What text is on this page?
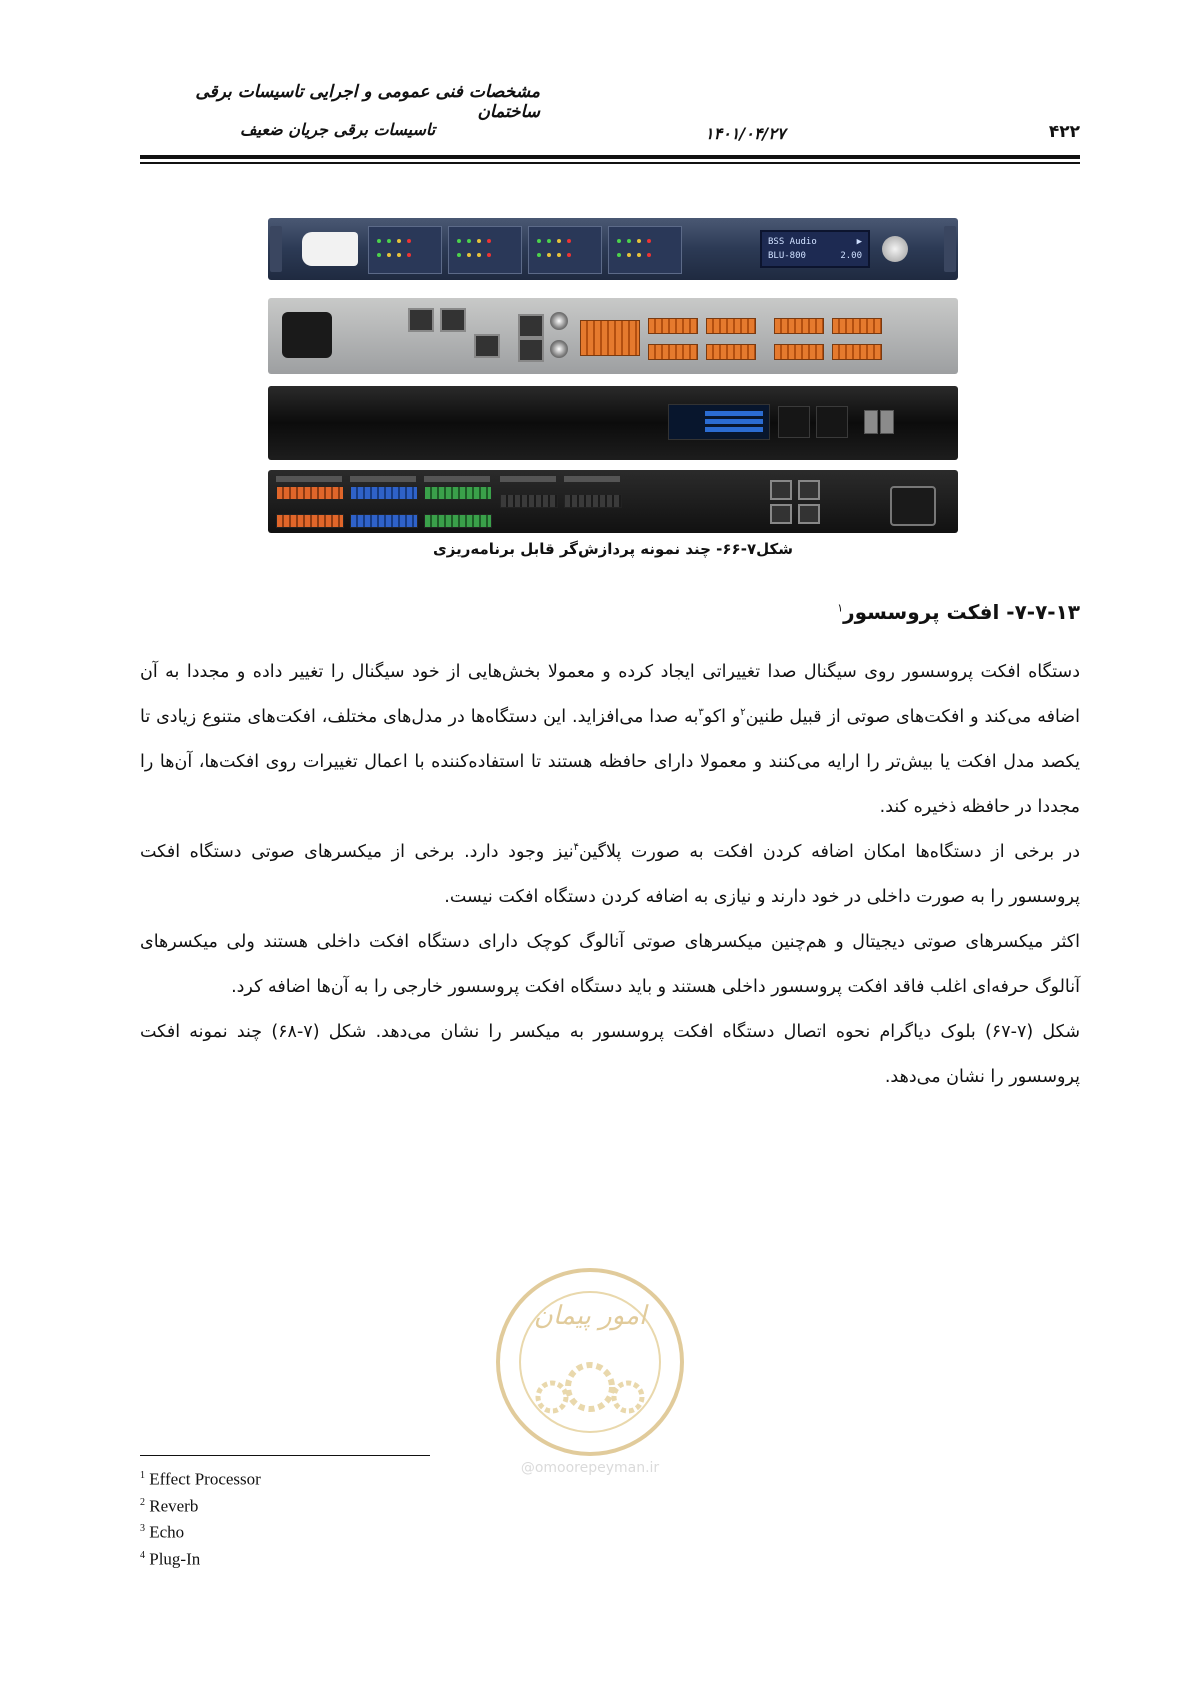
مشخصات فنی عمومی و اجرایی تاسیسات برقی ساختمان
۴۲۲
۱۴۰۱/۰۴/۲۷
تاسیسات برقی جریان ضعیف
BSS Audio	▶
BLU-800	2.00
شکل۷-۶۶- چند نمونه پردازش‌گر قابل برنامه‌ریزی
۷-۷-۱۳- افکت پروسسور$^۱$

دستگاه افکت پروسسور روی سیگنال صدا تغییراتی ایجاد کرده و معمولا بخش‌هایی از خود سیگنال را تغییر داده و مجددا به آن اضافه می‌کند و افکت‌های صوتی از قبیل طنین$^۲$و اکو$^۳$به صدا می‌افزاید. این دستگاه‌ها در مدل‌های مختلف، افکت‌های متنوع زیادی تا یکصد مدل افکت یا بیش‌تر را ارایه می‌کنند و معمولا دارای حافظه هستند تا استفاده‌کننده با اعمال تغییرات روی افکت‌ها، آن‌ها را مجددا در حافظه ذخیره کند.

در برخی از دستگاه‌ها امکان اضافه کردن افکت به صورت پلاگین$^۴$نیز وجود دارد. برخی از میکسرهای صوتی دستگاه افکت پروسسور را به صورت داخلی در خود دارند و نیازی به اضافه کردن دستگاه افکت نیست.

اکثر میکسرهای صوتی دیجیتال و هم‌چنین میکسرهای صوتی آنالوگ کوچک دارای دستگاه افکت داخلی هستند ولی میکسرهای آنالوگ حرفه‌ای اغلب فاقد افکت پروسسور داخلی هستند و باید دستگاه افکت پروسسور خارجی را به آن‌ها اضافه کرد.

شکل (۷-۶۷) بلوک دیاگرام نحوه اتصال دستگاه افکت پروسسور به میکسر را نشان می‌دهد. شکل (۷-۶۸) چند نمونه افکت پروسسور را نشان می‌دهد.

امور پیمان
@omoorepeyman.ir
$^1$ Effect Processor
$^2$ Reverb
$^3$ Echo
$^4$ Plug-In
